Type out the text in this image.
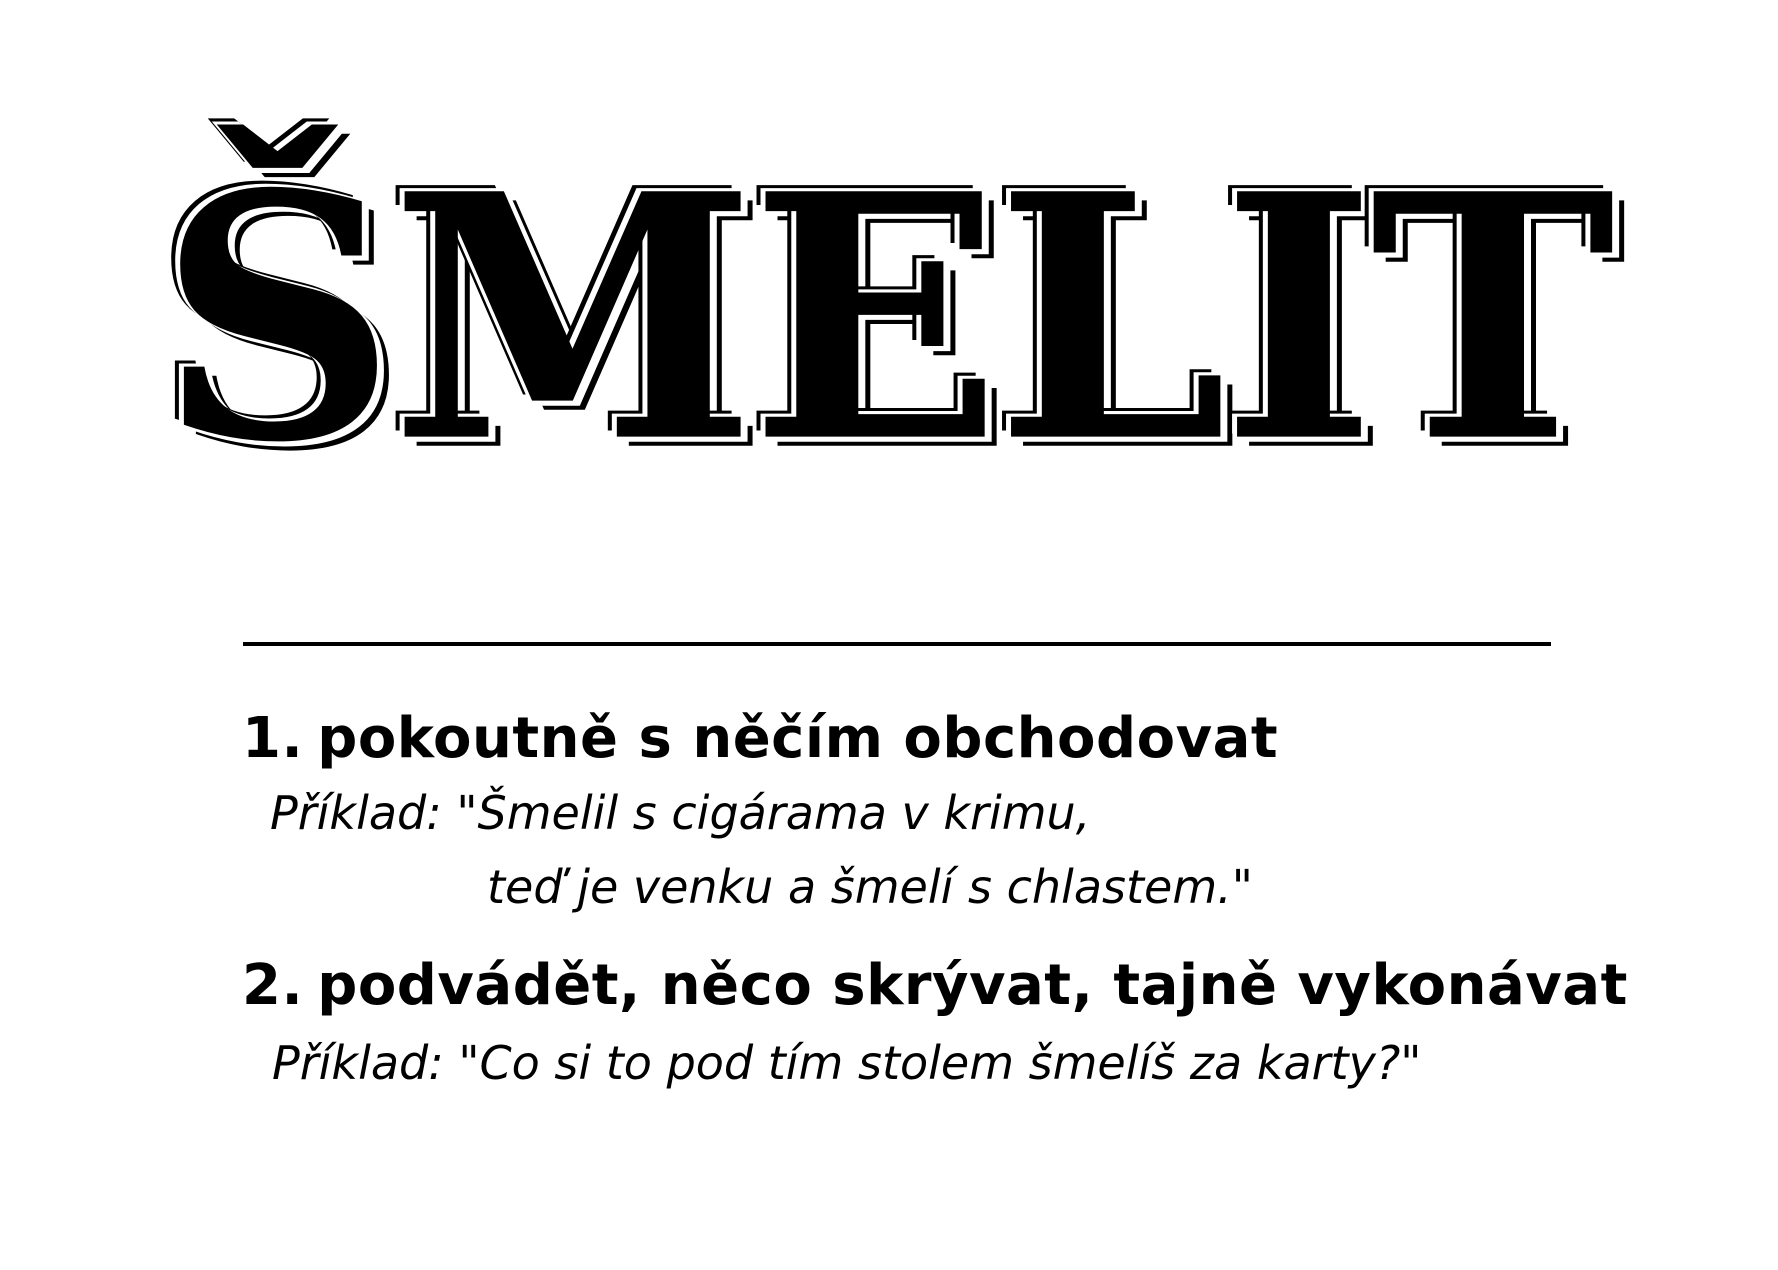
ŠMELIT
1. pokoutně s něčím obchodovat
Příklad: "Šmelil s cigárama v krimu,
teď je venku a šmelí s chlastem."
2. podvádět, něco skrývat, tajně vykonávat
Příklad: "Co si to pod tím stolem šmelíš za karty?"
